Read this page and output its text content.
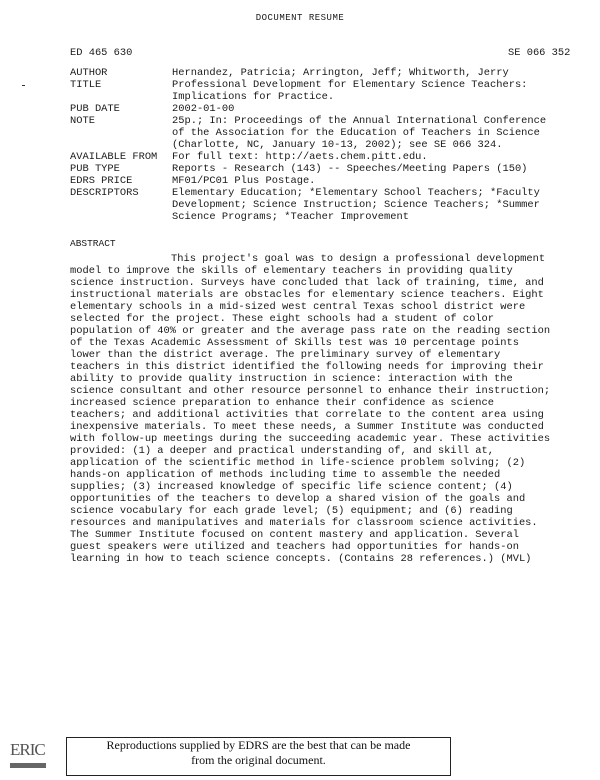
DOCUMENT RESUME
ED 465 630	SE 066 352
AUTHOR	Hernandez, Patricia; Arrington, Jeff; Whitworth, Jerry
TITLE	Professional Development for Elementary Science Teachers:
Implications for Practice.
PUB DATE	2002-01-00
NOTE	25p.; In: Proceedings of the Annual International Conference
of the Association for the Education of Teachers in Science
(Charlotte, NC, January 10-13, 2002); see SE 066 324.
AVAILABLE FROM For full text: http://aets.chem.pitt.edu.
PUB TYPE	Reports - Research (143) -- Speeches/Meeting Papers (150)
EDRS PRICE	MF01/PC01 Plus Postage.
DESCRIPTORS	Elementary Education; *Elementary School Teachers; *Faculty
Development; Science Instruction; Science Teachers; *Summer
Science Programs; *Teacher Improvement
ABSTRACT
This project's goal was to design a professional development
model to improve the skills of elementary teachers in providing quality
science instruction. Surveys have concluded that lack of training, time, and
instructional materials are obstacles for elementary science teachers. Eight
elementary schools in a mid-sized west central Texas school district were
selected for the project. These eight schools had a student of color
population of 40% or greater and the average pass rate on the reading section
of the Texas Academic Assessment of Skills test was 10 percentage points
lower than the district average. The preliminary survey of elementary
teachers in this district identified the following needs for improving their
ability to provide quality instruction in science: interaction with the
science consultant and other resource personnel to enhance their instruction;
increased science preparation to enhance their confidence as science
teachers; and additional activities that correlate to the content area using
inexpensive materials. To meet these needs, a Summer Institute was conducted
with follow-up meetings during the succeeding academic year. These activities
provided: (1) a deeper and practical understanding of, and skill at,
application of the scientific method in life-science problem solving; (2)
hands-on application of methods including time to assemble the needed
supplies; (3) increased knowledge of specific life science content; (4)
opportunities of the teachers to develop a shared vision of the goals and
science vocabulary for each grade level; (5) equipment; and (6) reading
resources and manipulatives and materials for classroom science activities.
The Summer Institute focused on content mastery and application. Several
guest speakers were utilized and teachers had opportunities for hands-on
learning in how to teach science concepts. (Contains 28 references.) (MVL)
ERIC	Reproductions supplied by EDRS are the best that can be made
from the original document.
